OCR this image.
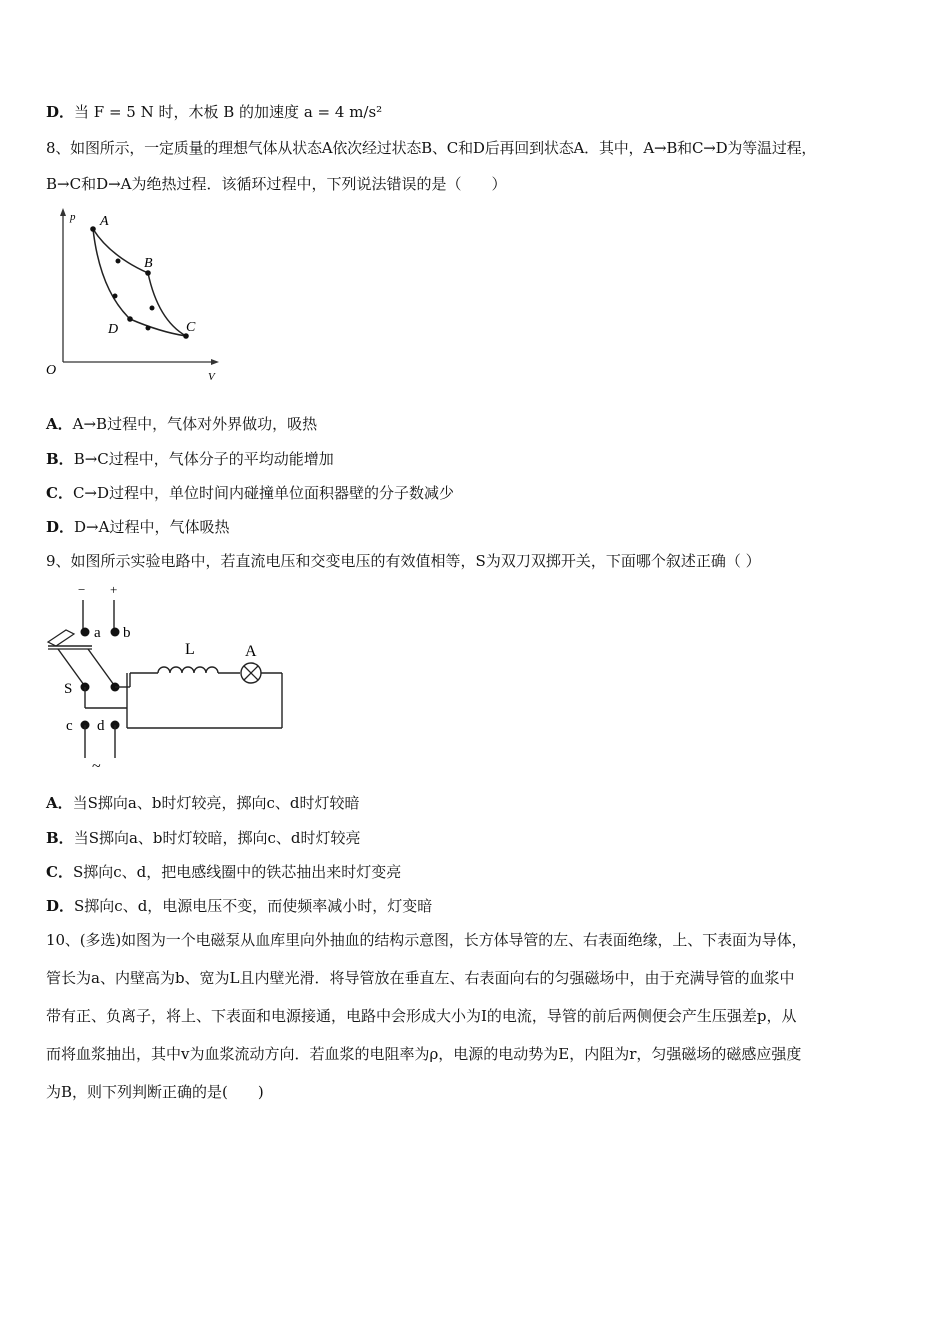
D．当 F = 5 N 时，木板 B 的加速度 a = 4 m/s²
8、如图所示，一定质量的理想气体从状态A依次经过状态B、C和D后再回到状态A．其中，A→B和C→D为等温过程，
B→C和D→A为绝热过程．该循环过程中，下列说法错误的是（　　）
p
V
O
A
B
C
D
A．A→B过程中，气体对外界做功，吸热
B．B→C过程中，气体分子的平均动能增加
C．C→D过程中，单位时间内碰撞单位面积器壁的分子数减少
D．D→A过程中，气体吸热
9、如图所示实验电路中，若直流电压和交变电压的有效值相等，S为双刀双掷开关，下面哪个叙述正确（ ）
− +
a b
S
c d
~
L	A
A．当S掷向a、b时灯较亮，掷向c、d时灯较暗
B．当S掷向a、b时灯较暗，掷向c、d时灯较亮
C．S掷向c、d，把电感线圈中的铁芯抽出来时灯变亮
D．S掷向c、d，电源电压不变，而使频率减小时，灯变暗
10、(多选)如图为一个电磁泵从血库里向外抽血的结构示意图，长方体导管的左、右表面绝缘，上、下表面为导体，
管长为a、内壁高为b、宽为L且内壁光滑．将导管放在垂直左、右表面向右的匀强磁场中，由于充满导管的血浆中
带有正、负离子，将上、下表面和电源接通，电路中会形成大小为I的电流，导管的前后两侧便会产生压强差p，从
而将血浆抽出，其中v为血浆流动方向．若血浆的电阻率为ρ，电源的电动势为E，内阻为r，匀强磁场的磁感应强度
为B，则下列判断正确的是(　　)
